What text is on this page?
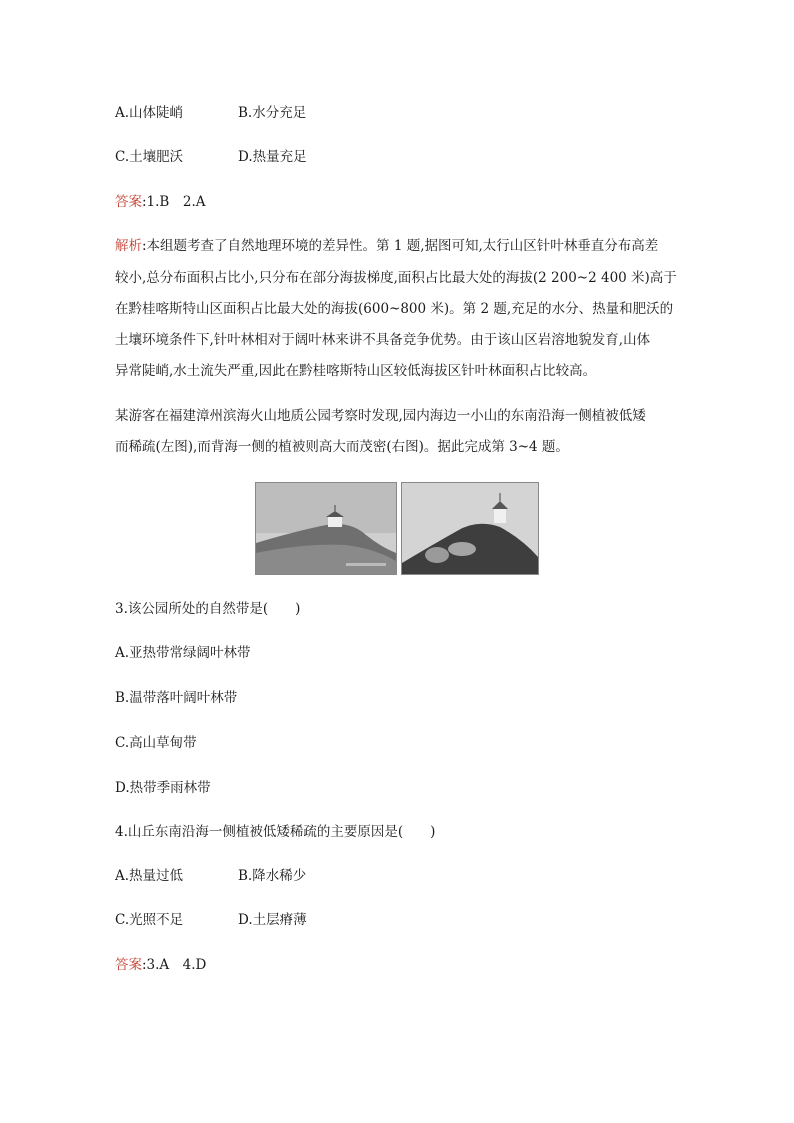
A.山体陡峭	B.水分充足
C.土壤肥沃	D.热量充足
答案:1.B　2.A
解析:本组题考查了自然地理环境的差异性。第 1 题,据图可知,太行山区针叶林垂直分布高差
较小,总分布面积占比小,只分布在部分海拔梯度,面积占比最大处的海拔(2 200~2 400 米)高于
在黔桂喀斯特山区面积占比最大处的海拔(600~800 米)。第 2 题,充足的水分、热量和肥沃的
土壤环境条件下,针叶林相对于阔叶林来讲不具备竞争优势。由于该山区岩溶地貌发育,山体
异常陡峭,水土流失严重,因此在黔桂喀斯特山区较低海拔区针叶林面积占比较高。
某游客在福建漳州滨海火山地质公园考察时发现,园内海边一小山的东南沿海一侧植被低矮
而稀疏(左图),而背海一侧的植被则高大而茂密(右图)。据此完成第 3~4 题。
3.该公园所处的自然带是(　　)
A.亚热带常绿阔叶林带
B.温带落叶阔叶林带
C.高山草甸带
D.热带季雨林带
4.山丘东南沿海一侧植被低矮稀疏的主要原因是(　　)
A.热量过低	B.降水稀少
C.光照不足	D.土层瘠薄
答案:3.A　4.D
